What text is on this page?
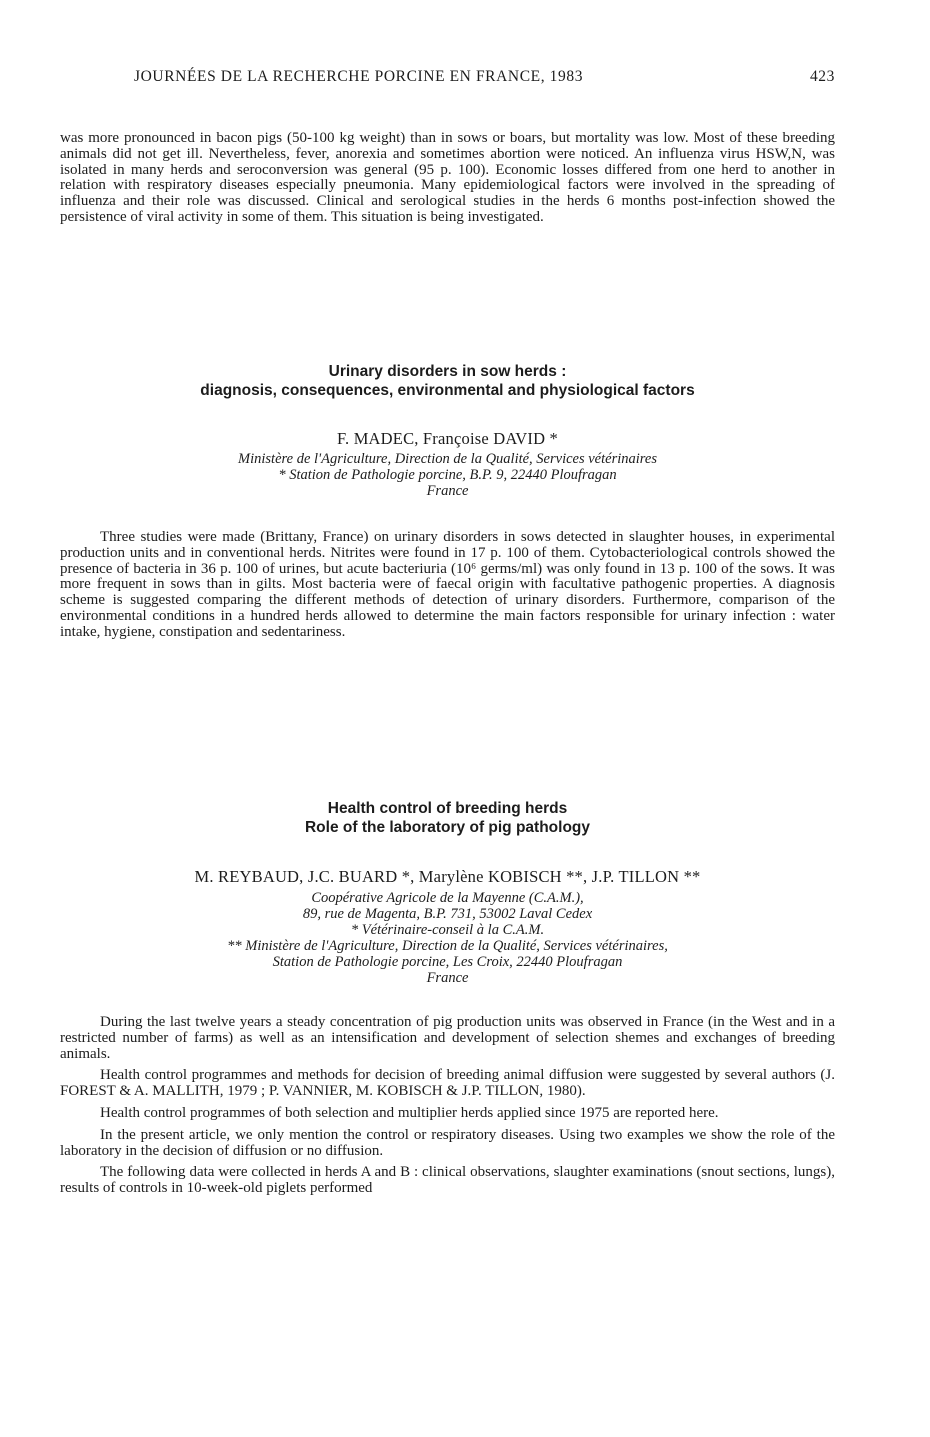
JOURNÉES DE LA RECHERCHE PORCINE EN FRANCE, 1983	423

was more pronounced in bacon pigs (50-100 kg weight) than in sows or boars, but mortality was low. Most of these breeding animals did not get ill. Nevertheless, fever, anorexia and sometimes abortion were noticed. An influenza virus HSW,N, was isolated in many herds and seroconversion was general (95 p. 100). Economic losses differed from one herd to another in relation with respiratory diseases especially pneumonia. Many epidemiological factors were involved in the spreading of influenza and their role was discussed. Clinical and serological studies in the herds 6 months post-infection showed the persistence of viral activity in some of them. This situation is being investigated.

Urinary disorders in sow herds :
diagnosis, consequences, environmental and physiological factors
F. MADEC, Françoise DAVID *
Ministère de l'Agriculture, Direction de la Qualité, Services vétérinaires
* Station de Pathologie porcine, B.P. 9, 22440 Ploufragan
France

Three studies were made (Brittany, France) on urinary disorders in sows detected in slaughter houses, in experimental production units and in conventional herds. Nitrites were found in 17 p. 100 of them. Cytobacteriological controls showed the presence of bacteria in 36 p. 100 of urines, but acute bacteriuria (10⁶ germs/ml) was only found in 13 p. 100 of the sows. It was more frequent in sows than in gilts. Most bacteria were of faecal origin with facultative pathogenic properties. A diagnosis scheme is suggested comparing the different methods of detection of urinary disorders. Furthermore, comparison of the environmental conditions in a hundred herds allowed to determine the main factors responsible for urinary infection : water intake, hygiene, constipation and sedentariness.

Health control of breeding herds
Role of the laboratory of pig pathology
M. REYBAUD, J.C. BUARD *, Marylène KOBISCH **, J.P. TILLON **
Coopérative Agricole de la Mayenne (C.A.M.),
89, rue de Magenta, B.P. 731, 53002 Laval Cedex
* Vétérinaire-conseil à la C.A.M.
** Ministère de l'Agriculture, Direction de la Qualité, Services vétérinaires,
Station de Pathologie porcine, Les Croix, 22440 Ploufragan
France

During the last twelve years a steady concentration of pig production units was observed in France (in the West and in a restricted number of farms) as well as an intensification and development of selection shemes and exchanges of breeding animals.

Health control programmes and methods for decision of breeding animal diffusion were suggested by several authors (J. FOREST & A. MALLITH, 1979 ; P. VANNIER, M. KOBISCH & J.P. TILLON, 1980).

Health control programmes of both selection and multiplier herds applied since 1975 are reported here.

In the present article, we only mention the control or respiratory diseases. Using two examples we show the role of the laboratory in the decision of diffusion or no diffusion.

The following data were collected in herds A and B : clinical observations, slaughter examinations (snout sections, lungs), results of controls in 10-week-old piglets performed
